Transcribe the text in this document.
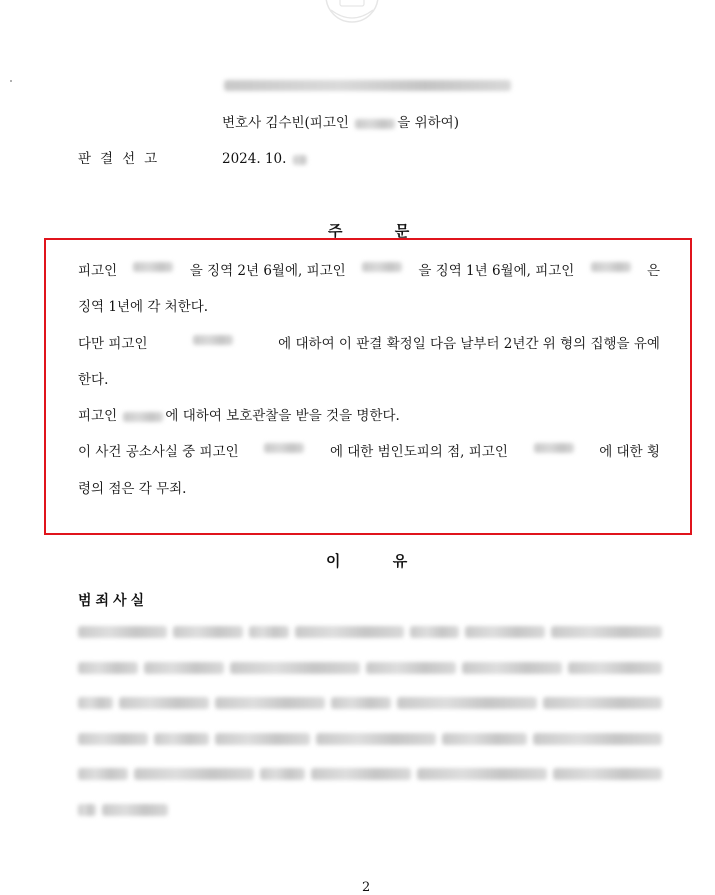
변호사 김수빈(피고인	을 위하여)
판결선고	2024. 10.
주          문
피고인	을 징역 2년 6월에, 피고인	을 징역 1년 6월에, 피고인	은
징역 1년에 각 처한다.
다만 피고인	에 대하여 이 판결 확정일 다음 날부터 2년간 위 형의 집행을 유예
한다.
피고인	에 대하여 보호관찰을 받을 것을 명한다.
이 사건 공소사실 중 피고인	에 대한 범인도피의 점, 피고인	에 대한 횡
령의 점은 각 무죄.
이          유
범죄사실
2
